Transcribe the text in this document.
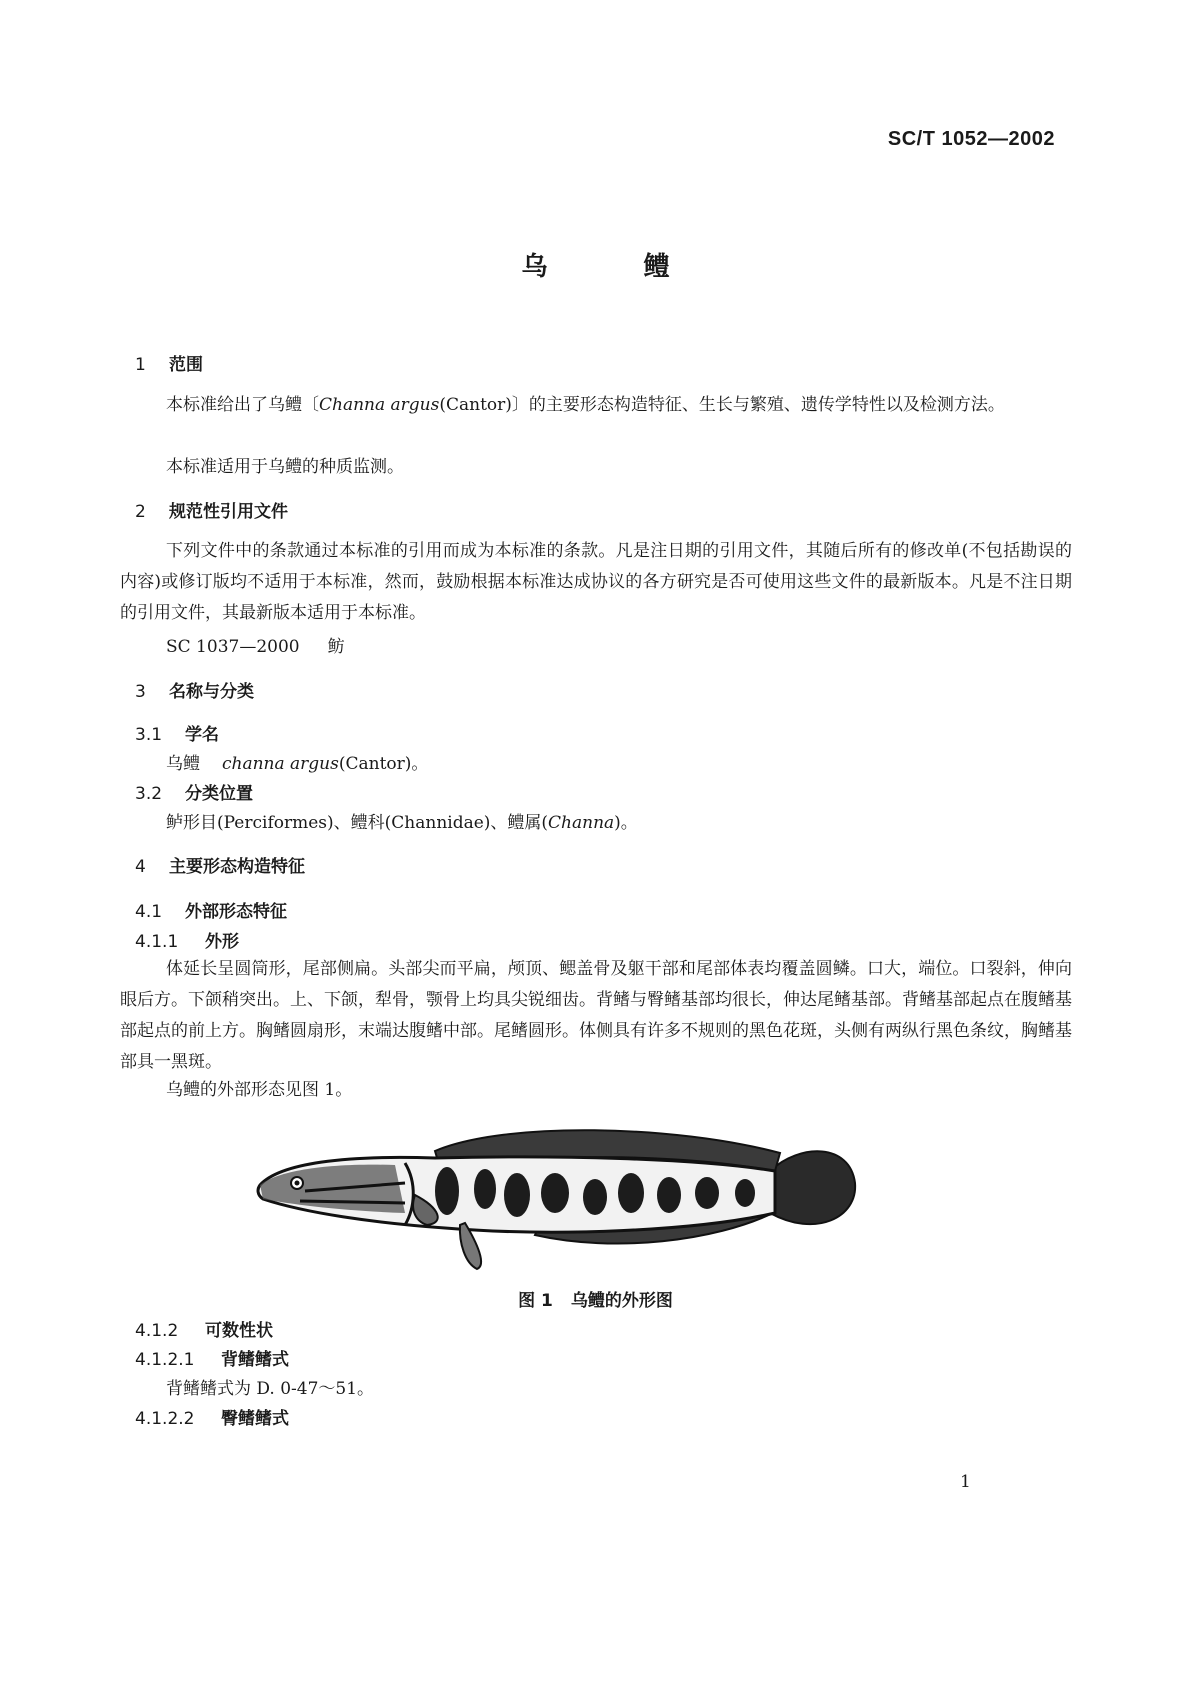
SC/T 1052—2002
乌	鳢
1 范围
本标准给出了乌鳢〔Channa argus(Cantor)〕的主要形态构造特征、生长与繁殖、遗传学特性以及检测方法。
本标准适用于乌鳢的种质监测。
2 规范性引用文件
下列文件中的条款通过本标准的引用而成为本标准的条款。凡是注日期的引用文件，其随后所有的修改单(不包括勘误的内容)或修订版均不适用于本标准，然而，鼓励根据本标准达成协议的各方研究是否可使用这些文件的最新版本。凡是不注日期的引用文件，其最新版本适用于本标准。
SC 1037—2000 鲂
3 名称与分类
3.1 学名
乌鳢 channa argus(Cantor)。
3.2 分类位置
鲈形目(Perciformes)、鳢科(Channidae)、鳢属(Channa)。
4 主要形态构造特征
4.1 外部形态特征
4.1.1 外形
体延长呈圆筒形，尾部侧扁。头部尖而平扁，颅顶、鳃盖骨及躯干部和尾部体表均覆盖圆鳞。口大，端位。口裂斜，伸向眼后方。下颌稍突出。上、下颌，犁骨，颚骨上均具尖锐细齿。背鳍与臀鳍基部均很长，伸达尾鳍基部。背鳍基部起点在腹鳍基部起点的前上方。胸鳍圆扇形，末端达腹鳍中部。尾鳍圆形。体侧具有许多不规则的黑色花斑，头侧有两纵行黑色条纹，胸鳍基部具一黑斑。
乌鳢的外部形态见图 1。
图 1 乌鳢的外形图
4.1.2 可数性状
4.1.2.1 背鳍鳍式
背鳍鳍式为 D. 0-47～51。
4.1.2.2 臀鳍鳍式
1
